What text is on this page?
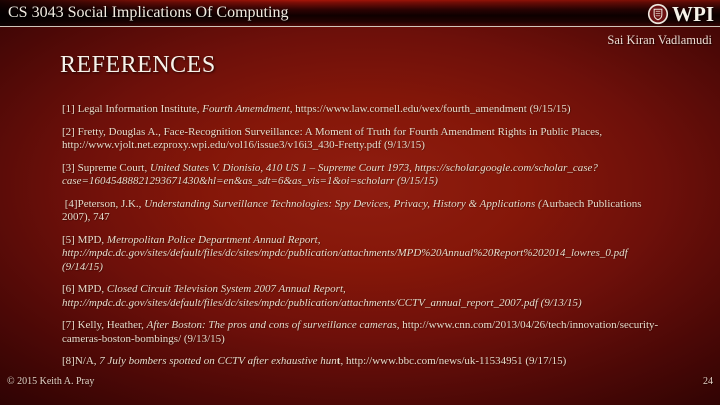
CS 3043 Social Implications Of Computing	WPI
Sai Kiran Vadlamudi
REFERENCES

[1] Legal Information Institute, Fourth Amemdment, https://www.law.cornell.edu/wex/fourth_amendment (9/15/15)

[2] Fretty, Douglas A., Face-Recognition Surveillance: A Moment of Truth for Fourth Amendment Rights in Public Places, http://www.vjolt.net.ezproxy.wpi.edu/vol16/issue3/v16i3_430-Fretty.pdf (9/13/15)

[3] Supreme Court, United States V. Dionisio, 410 US 1 – Supreme Court 1973, https://scholar.google.com/scholar_case?case=16045488821293671430&hl=en&as_sdt=6&as_vis=1&oi=scholarr (9/15/15)

[4]Peterson, J.K., Understanding Surveillance Technologies: Spy Devices, Privacy, History & Applications (Aurbaech Publications 2007), 747

[5] MPD, Metropolitan Police Department Annual Report, http://mpdc.dc.gov/sites/default/files/dc/sites/mpdc/publication/attachments/MPD%20Annual%20Report%202014_lowres_0.pdf (9/14/15)

[6] MPD, Closed Circuit Television System 2007 Annual Report, http://mpdc.dc.gov/sites/default/files/dc/sites/mpdc/publication/attachments/CCTV_annual_report_2007.pdf (9/13/15)

[7] Kelly, Heather, After Boston: The pros and cons of surveillance cameras, http://www.cnn.com/2013/04/26/tech/innovation/security-cameras-boston-bombings/ (9/13/15)

[8]N/A, 7 July bombers spotted on CCTV after exhaustive hunt, http://www.bbc.com/news/uk-11534951 (9/17/15)

© 2015 Keith A. Pray	24
